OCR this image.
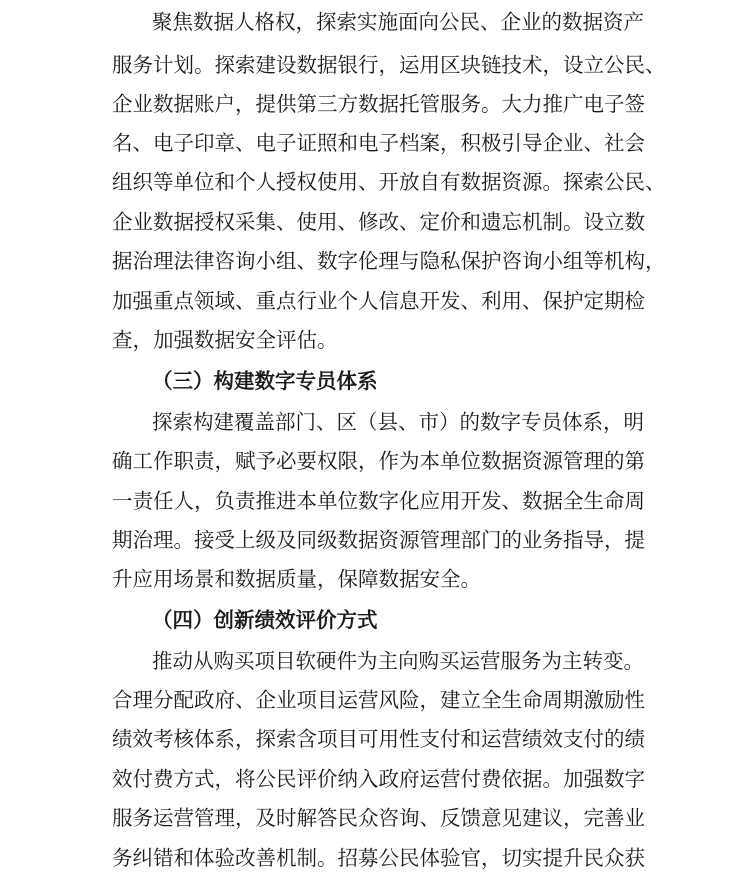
聚焦数据人格权，探索实施面向公民、企业的数据资产
服务计划。探索建设数据银行，运用区块链技术，设立公民、
企业数据账户，提供第三方数据托管服务。大力推广电子签
名、电子印章、电子证照和电子档案，积极引导企业、社会
组织等单位和个人授权使用、开放自有数据资源。探索公民、
企业数据授权采集、使用、修改、定价和遗忘机制。设立数
据治理法律咨询小组、数字伦理与隐私保护咨询小组等机构，
加强重点领域、重点行业个人信息开发、利用、保护定期检
查，加强数据安全评估。
（三）构建数字专员体系
探索构建覆盖部门、区（县、市）的数字专员体系，明
确工作职责，赋予必要权限，作为本单位数据资源管理的第
一责任人，负责推进本单位数字化应用开发、数据全生命周
期治理。接受上级及同级数据资源管理部门的业务指导，提
升应用场景和数据质量，保障数据安全。
（四）创新绩效评价方式
推动从购买项目软硬件为主向购买运营服务为主转变。
合理分配政府、企业项目运营风险，建立全生命周期激励性
绩效考核体系，探索含项目可用性支付和运营绩效支付的绩
效付费方式，将公民评价纳入政府运营付费依据。加强数字
服务运营管理，及时解答民众咨询、反馈意见建议，完善业
务纠错和体验改善机制。招募公民体验官，切实提升民众获
